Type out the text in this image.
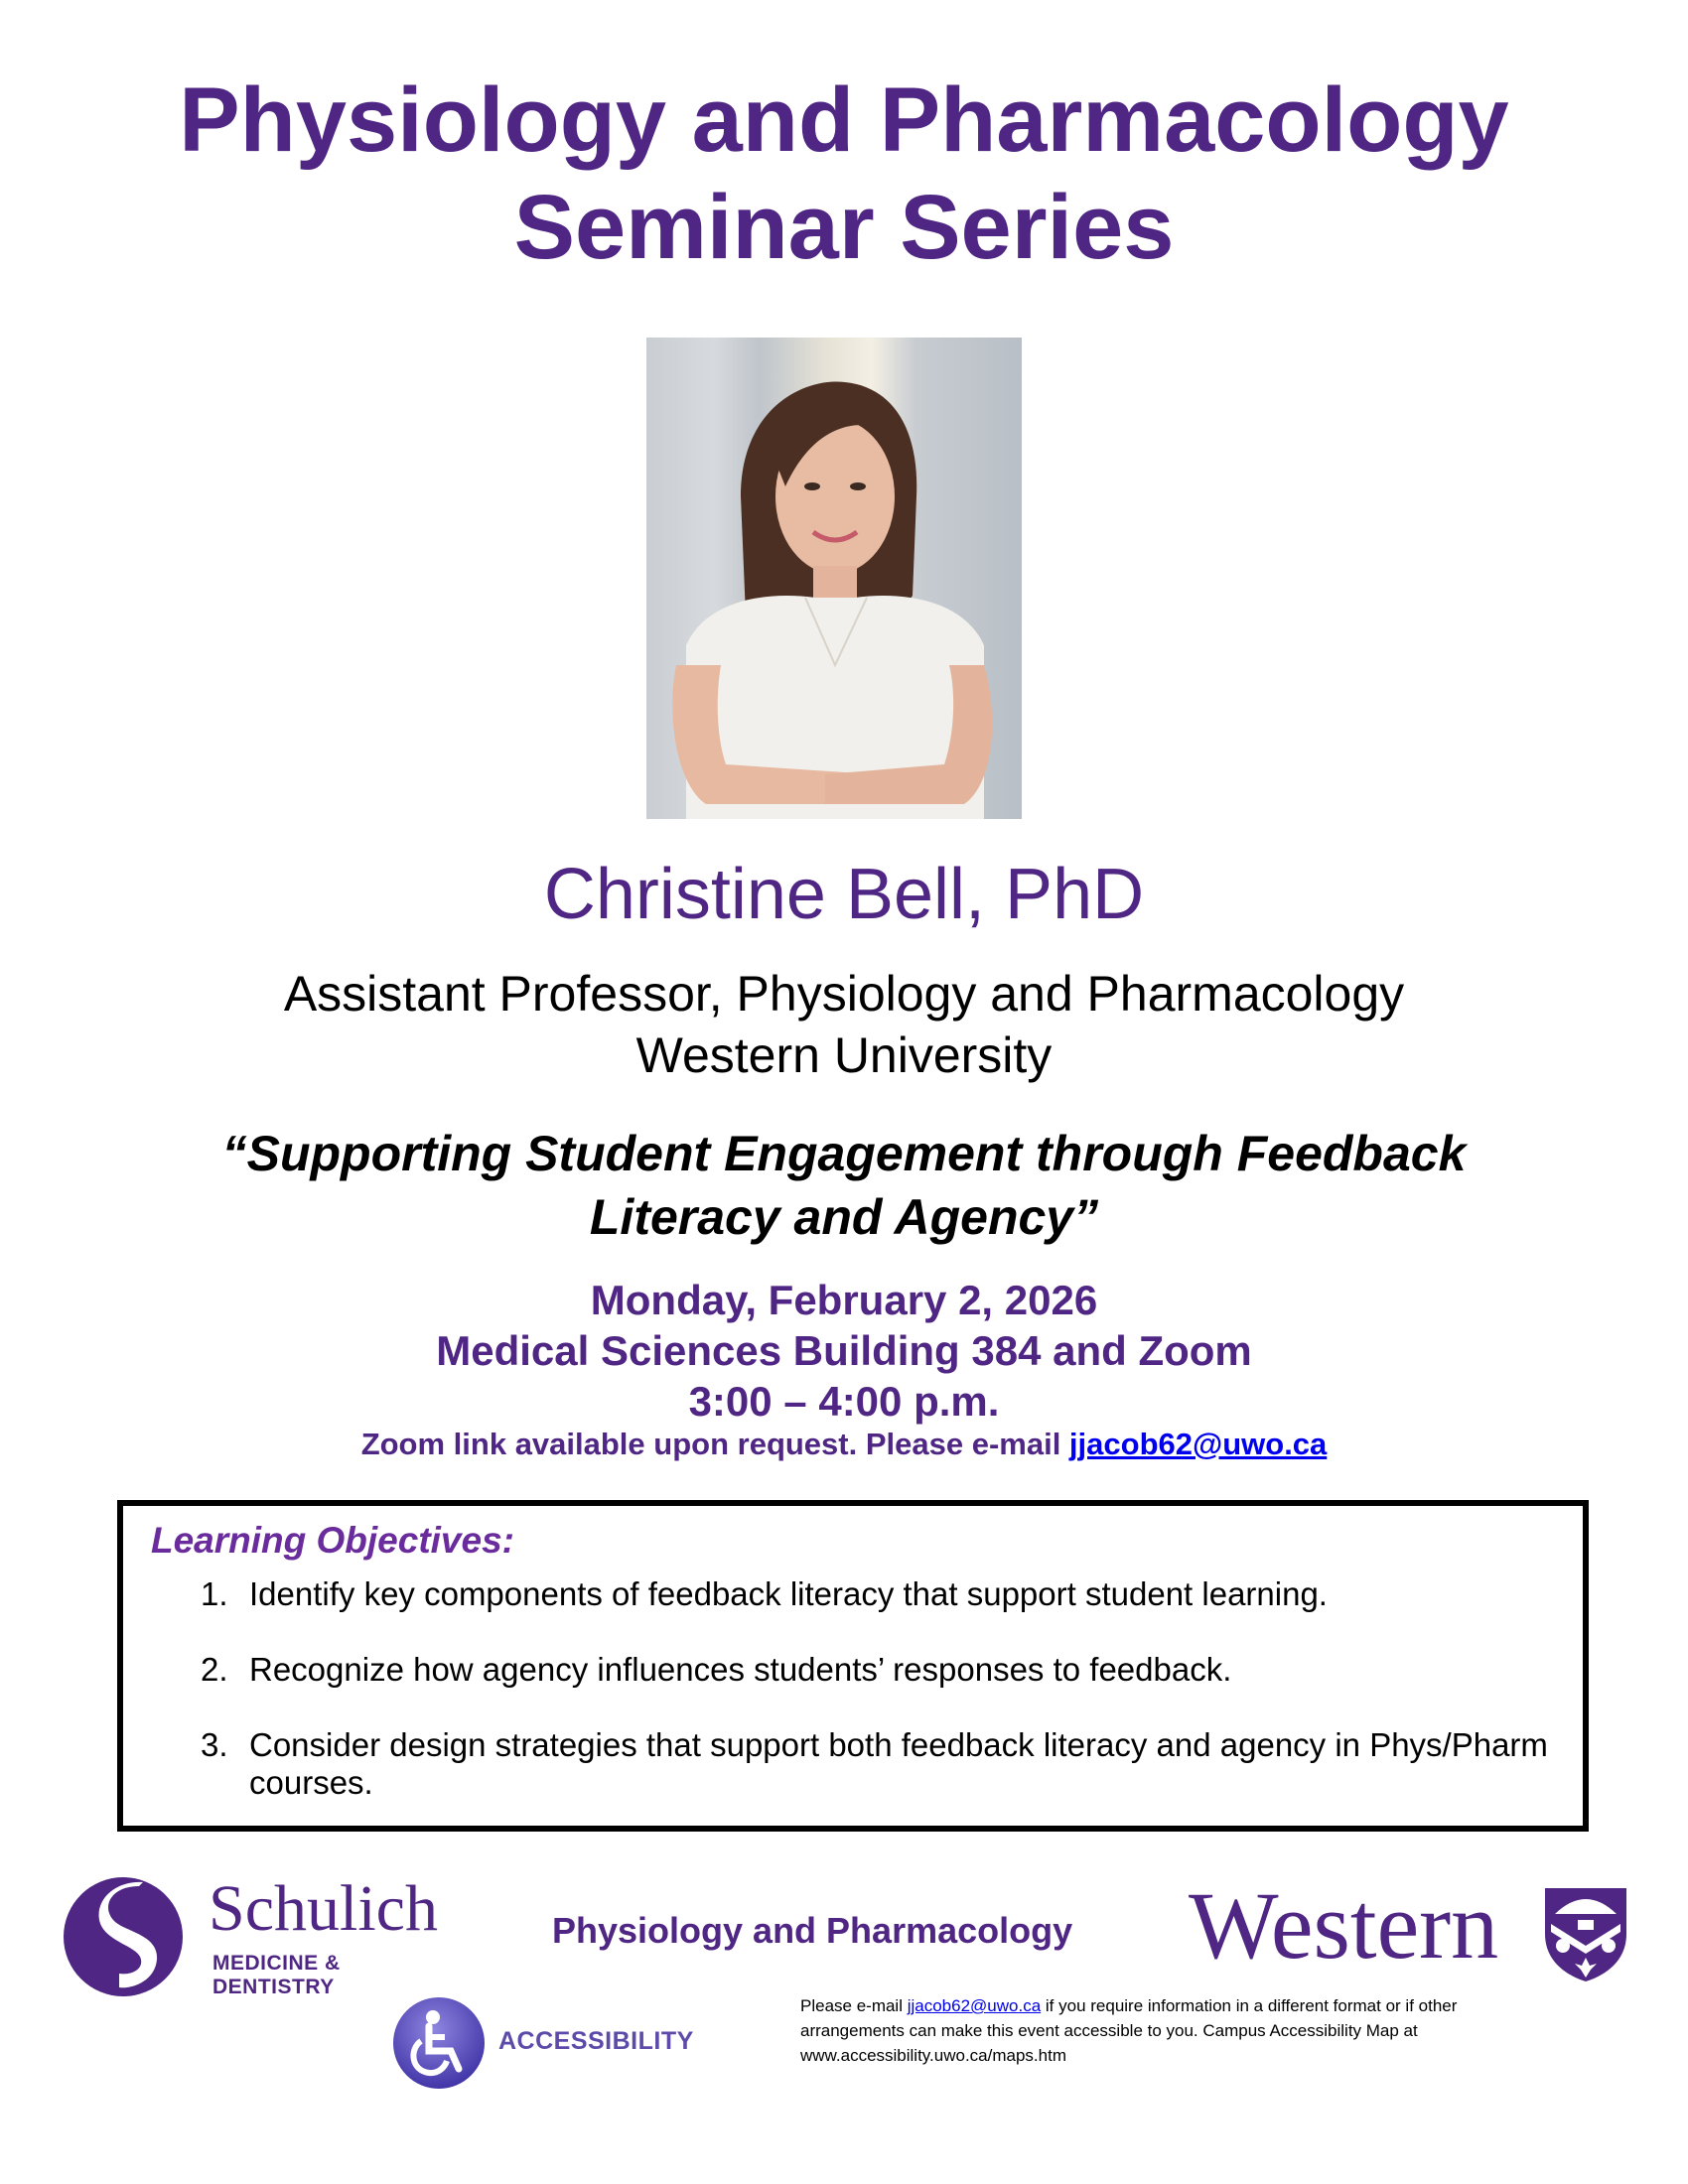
Physiology and Pharmacology
Seminar Series
Christine Bell, PhD
Assistant Professor, Physiology and Pharmacology
Western University
“Supporting Student Engagement through Feedback
Literacy and Agency”
Monday, February 2, 2026
Medical Sciences Building 384 and Zoom
3:00 – 4:00 p.m.
Zoom link available upon request. Please e-mail jjacob62@uwo.ca
Learning Objectives:
1. Identify key components of feedback literacy that support student learning.
2. Recognize how agency influences students’ responses to feedback.
3. Consider design strategies that support both feedback literacy and agency in Phys/Pharm courses.
Schulich
MEDICINE & DENTISTRY
Physiology and Pharmacology Western
ACCESSIBILITY
Please e-mail jjacob62@uwo.ca if you require information in a different format or if other arrangements can make this event accessible to you. Campus Accessibility Map at www.accessibility.uwo.ca/maps.htm
